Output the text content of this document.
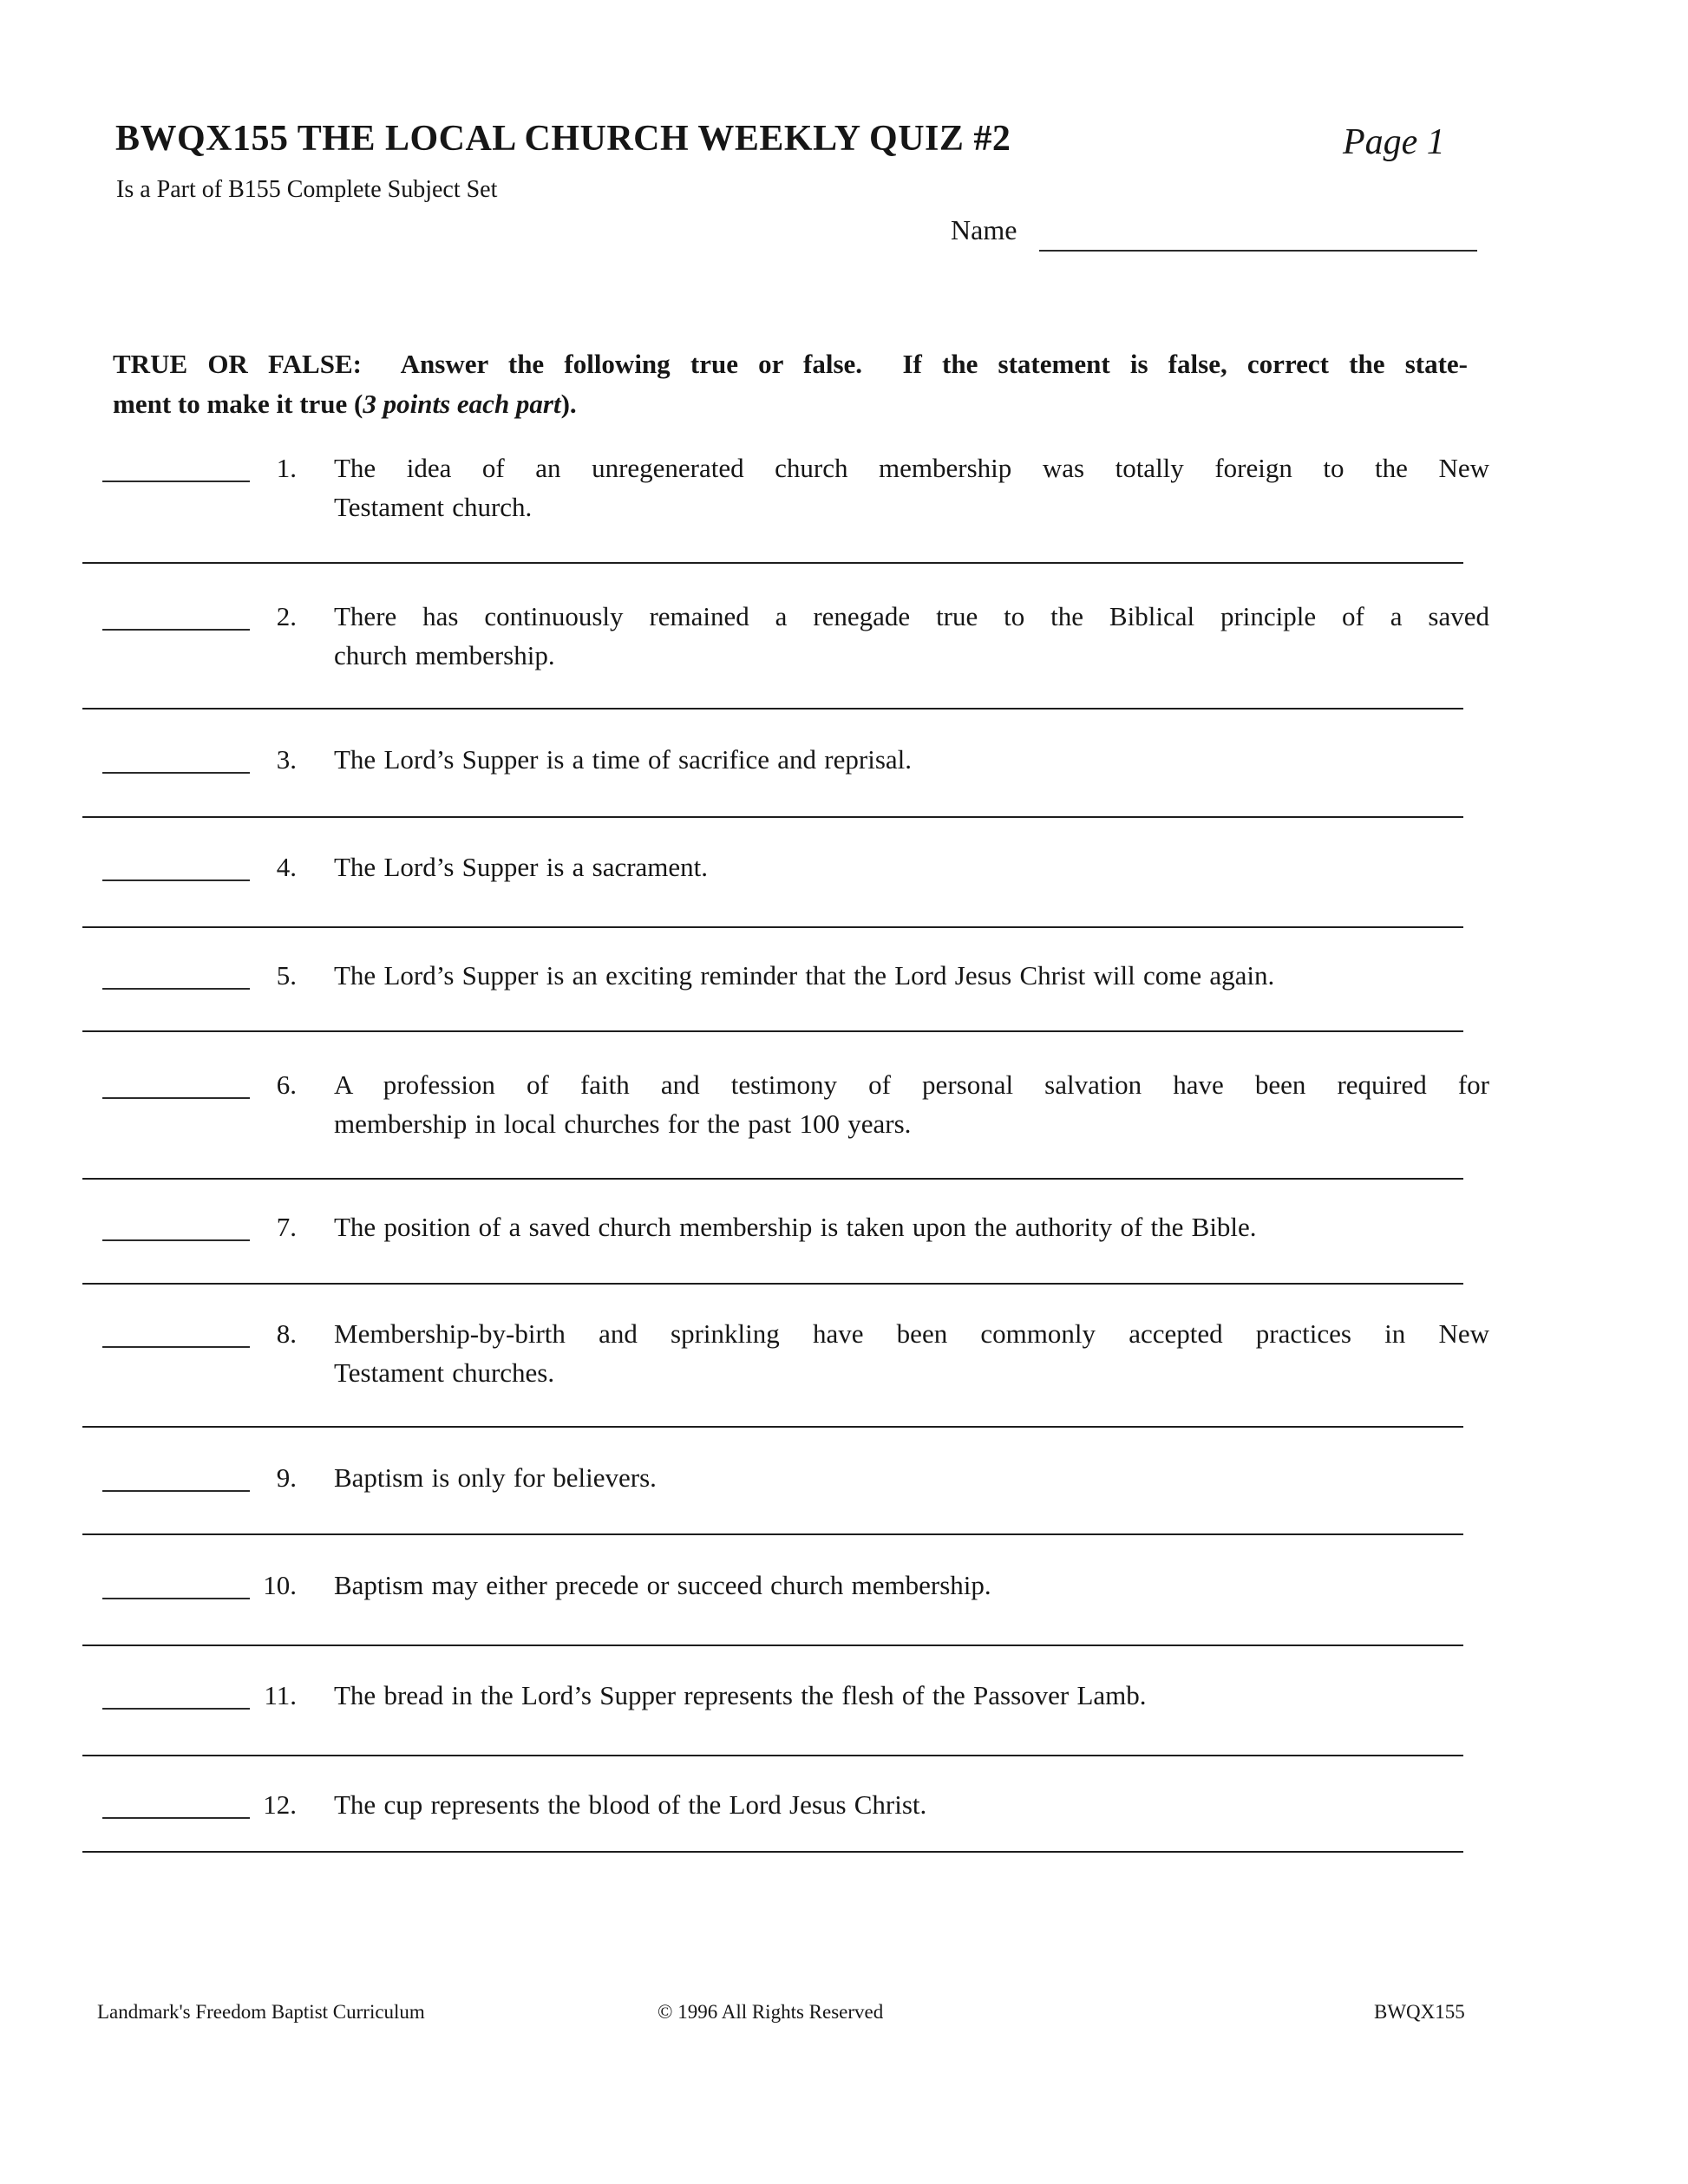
BWQX155 THE LOCAL CHURCH WEEKLY QUIZ #2	Page 1
Is a Part of B155 Complete Subject Set
Name
TRUE OR FALSE:  Answer the following true or false.  If the statement is false, correct the state-
ment to make it true (3 points each part).
1. The idea of an unregenerated church membership was totally foreign to the New
Testament church.
2. There has continuously remained a renegade true to the Biblical principle of a saved
church membership.
3. The Lord’s Supper is a time of sacrifice and reprisal.
4. The Lord’s Supper is a sacrament.
5. The Lord’s Supper is an exciting reminder that the Lord Jesus Christ will come again.
6. A profession of faith and testimony of personal salvation have been required for
membership in local churches for the past 100 years.
7. The position of a saved church membership is taken upon the authority of the Bible.
8. Membership-by-birth and sprinkling have been commonly accepted practices in New
Testament churches.
9. Baptism is only for believers.
10. Baptism may either precede or succeed church membership.
11. The bread in the Lord’s Supper represents the flesh of the Passover Lamb.
12. The cup represents the blood of the Lord Jesus Christ.
Landmark's Freedom Baptist Curriculum	© 1996 All Rights Reserved	BWQX155
